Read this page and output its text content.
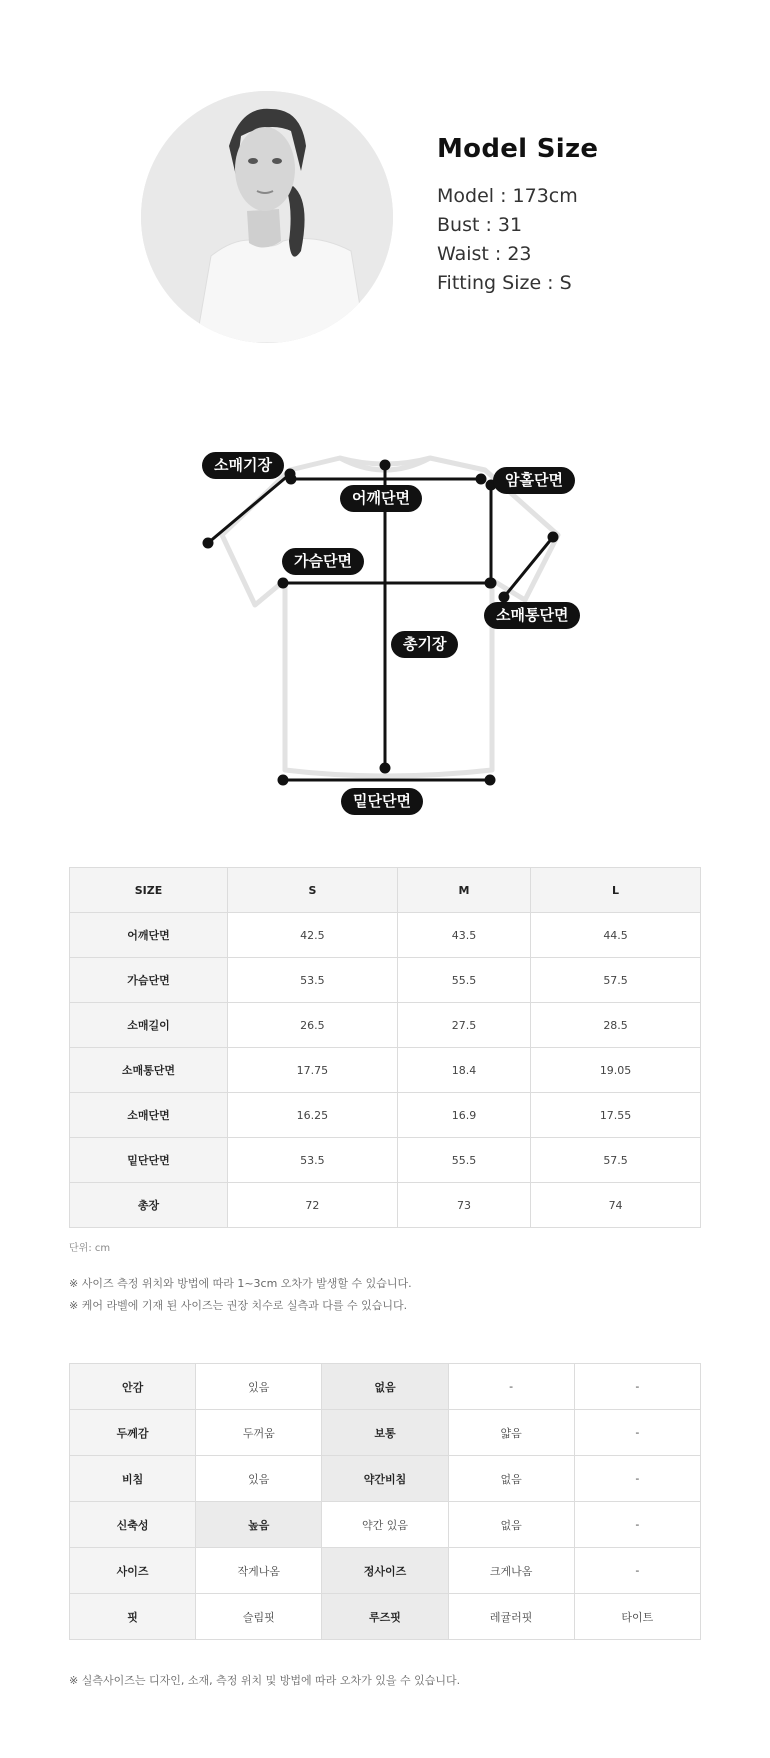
Model Size
Model : 173cm
Bust : 31
Waist : 23
Fitting Size : S
소매기장
어깨단면
암홀단면
가슴단면
소매통단면
총기장
밑단단면
SIZE	S	M	L
어깨단면	42.5	43.5	44.5
가슴단면	53.5	55.5	57.5
소매길이	26.5	27.5	28.5
소매통단면	17.75	18.4	19.05
소매단면	16.25	16.9	17.55
밑단단면	53.5	55.5	57.5
총장	72	73	74
단위: cm
※ 사이즈 측정 위치와 방법에 따라 1~3cm 오차가 발생할 수 있습니다.
※ 케어 라벨에 기재 된 사이즈는 권장 치수로 실측과 다를 수 있습니다.
안감	있음	없음	-	-
두께감	두꺼움	보통	얇음	-
비침	있음	약간비침	없음	-
신축성	높음	약간 있음	없음	-
사이즈	작게나옴	정사이즈	크게나옴	-
핏	슬림핏	루즈핏	레귤러핏	타이트
※ 실측사이즈는 디자인, 소재, 측정 위치 및 방법에 따라 오차가 있을 수 있습니다.
